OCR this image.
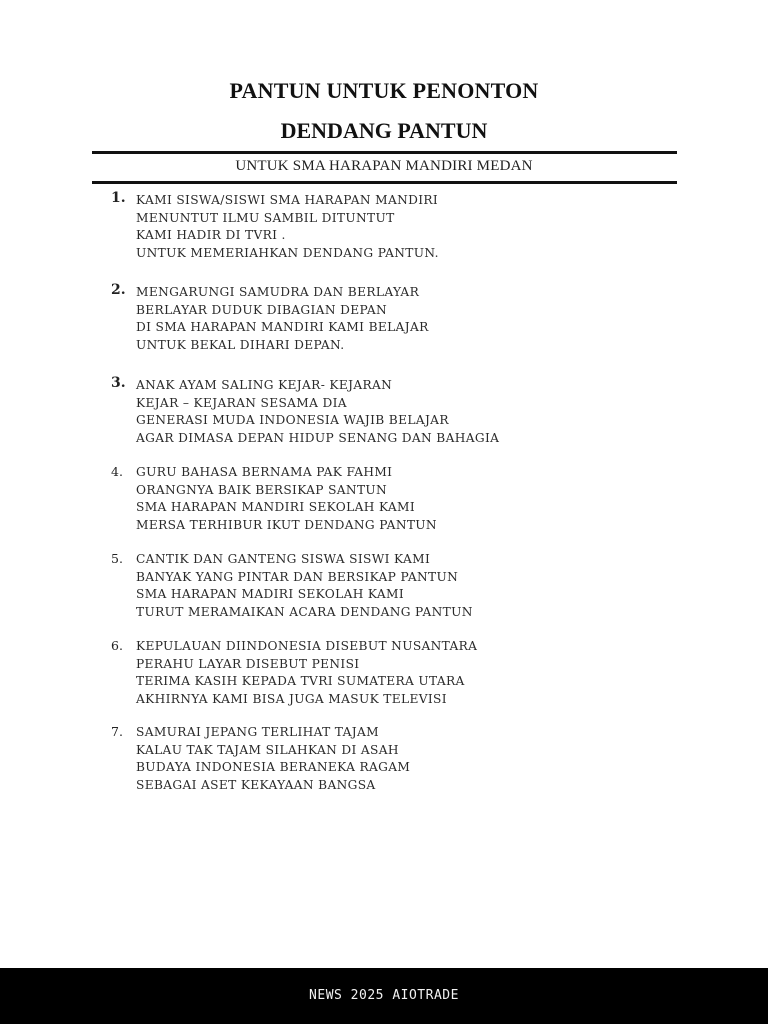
PANTUN UNTUK PENONTON
DENDANG PANTUN
UNTUK SMA HARAPAN MANDIRI MEDAN
1. KAMI SISWA/SISWI SMA HARAPAN MANDIRI
MENUNTUT ILMU SAMBIL DITUNTUT
KAMI HADIR DI TVRI .
UNTUK MEMERIAHKAN DENDANG PANTUN.
2. MENGARUNGI SAMUDRA DAN BERLAYAR
BERLAYAR DUDUK DIBAGIAN DEPAN
DI SMA HARAPAN MANDIRI KAMI BELAJAR
UNTUK BEKAL DIHARI DEPAN.
3. ANAK AYAM SALING KEJAR- KEJARAN
KEJAR – KEJARAN SESAMA DIA
GENERASI MUDA INDONESIA WAJIB BELAJAR
AGAR DIMASA DEPAN HIDUP SENANG DAN BAHAGIA
4.	GURU BAHASA BERNAMA PAK FAHMI
ORANGNYA BAIK BERSIKAP SANTUN
SMA HARAPAN MANDIRI SEKOLAH KAMI
MERSA TERHIBUR IKUT DENDANG PANTUN
5.	CANTIK DAN GANTENG SISWA SISWI KAMI
BANYAK YANG PINTAR DAN BERSIKAP PANTUN
SMA HARAPAN MADIRI SEKOLAH KAMI
TURUT MERAMAIKAN ACARA DENDANG PANTUN
6.	KEPULAUAN DIINDONESIA DISEBUT NUSANTARA
PERAHU LAYAR DISEBUT PENISI
TERIMA KASIH KEPADA TVRI SUMATERA UTARA
AKHIRNYA KAMI BISA JUGA MASUK TELEVISI
7.	SAMURAI JEPANG TERLIHAT TAJAM
KALAU TAK TAJAM SILAHKAN DI ASAH
BUDAYA INDONESIA BERANEKA RAGAM
SEBAGAI ASET KEKAYAAN BANGSA
NEWS 2025 AIOTRADE
